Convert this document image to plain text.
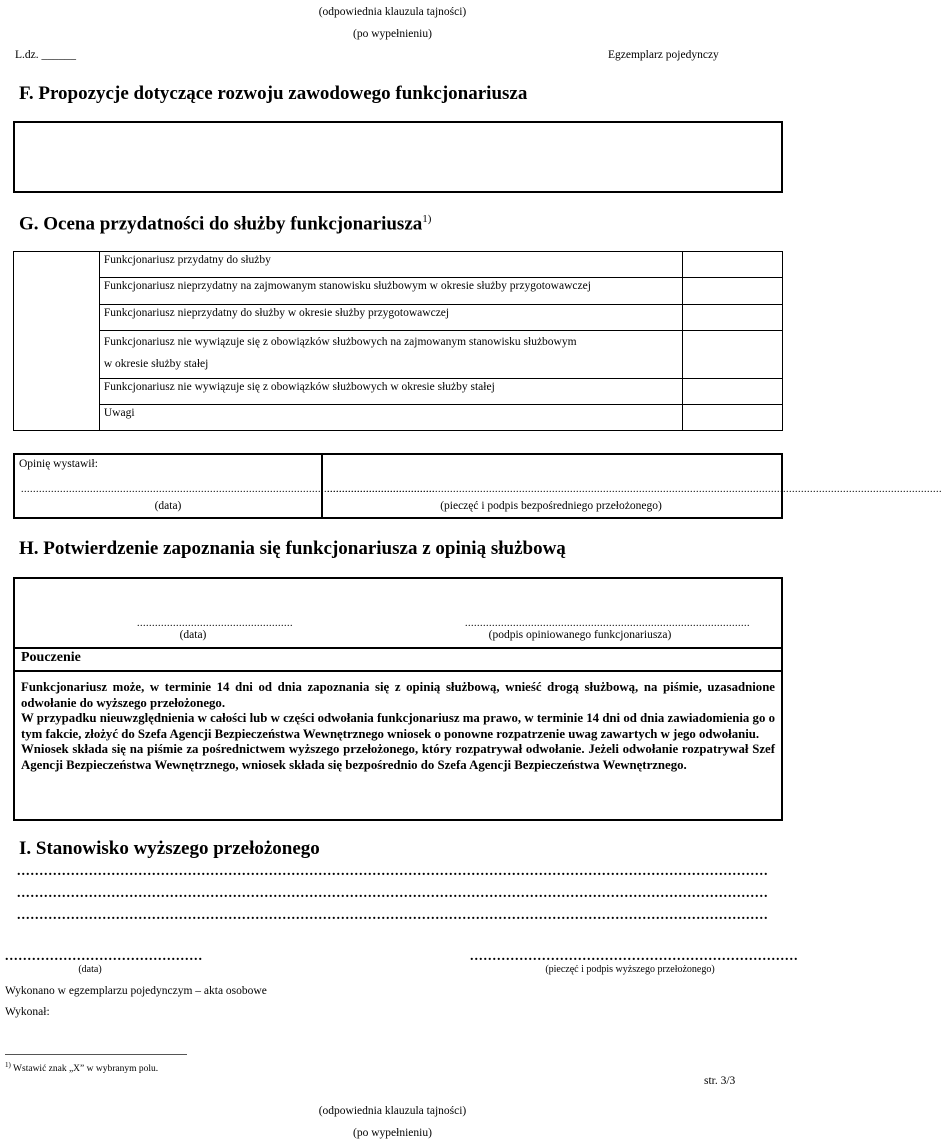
(odpowiednia klauzula tajności)
(po wypełnieniu)
L.dz. ______	Egzemplarz pojedynczy
F. Propozycje dotyczące rozwoju zawodowego funkcjonariusza
G. Ocena przydatności do służby funkcjonariusza$^{1)}$
	Funkcjonariusz przydatny do służby	
	Funkcjonariusz nieprzydatny na zajmowanym stanowisku służbowym w okresie służby przygotowawczej	
	Funkcjonariusz nieprzydatny do służby w okresie służby przygotowawczej	
	Funkcjonariusz nie wywiązuje się z obowiązków służbowych na zajmowanym stanowisku służbowym
w okresie służby stałej	
	Funkcjonariusz nie wywiązuje się z obowiązków służbowych w okresie służby stałej	
	Uwagi	
Opinię wystawił:
..........................................................................................................................................
(data)
.............................................................................................................................................................................................................
(pieczęć i podpis bezpośredniego przełożonego)
H. Potwierdzenie zapoznania się funkcjonariusza z opinią służbową
....................................................
(data)
...............................................................................................
(podpis opiniowanego funkcjonariusza)
Pouczenie

Funkcjonariusz może, w terminie 14 dni od dnia zapoznania się z opinią służbową, wnieść drogą służbową, na piśmie, uzasadnione odwołanie do wyższego przełożonego.

W przypadku nieuwzględnienia w całości lub w części odwołania funkcjonariusz ma prawo, w terminie 14 dni od dnia zawiadomienia go o tym fakcie, złożyć do Szefa Agencji Bezpieczeństwa Wewnętrznego wniosek o ponowne rozpatrzenie uwag zawartych w jego odwołaniu.

Wniosek składa się na piśmie za pośrednictwem wyższego przełożonego, który rozpatrywał odwołanie. Jeżeli odwołanie rozpatrywał Szef Agencji Bezpieczeństwa Wewnętrznego, wniosek składa się bezpośrednio do Szefa Agencji Bezpieczeństwa Wewnętrznego.

I. Stanowisko wyższego przełożonego
.......................................................................................................................................................................
.......................................................................................................................................................................
.......................................................................................................................................................................
............................................
(data)
.........................................................................
(pieczęć i podpis wyższego przełożonego)
Wykonano w egzemplarzu pojedynczym – akta osobowe
Wykonał:
$^{1)}$ Wstawić znak „X” w wybranym polu.
str. 3/3
(odpowiednia klauzula tajności)
(po wypełnieniu)
